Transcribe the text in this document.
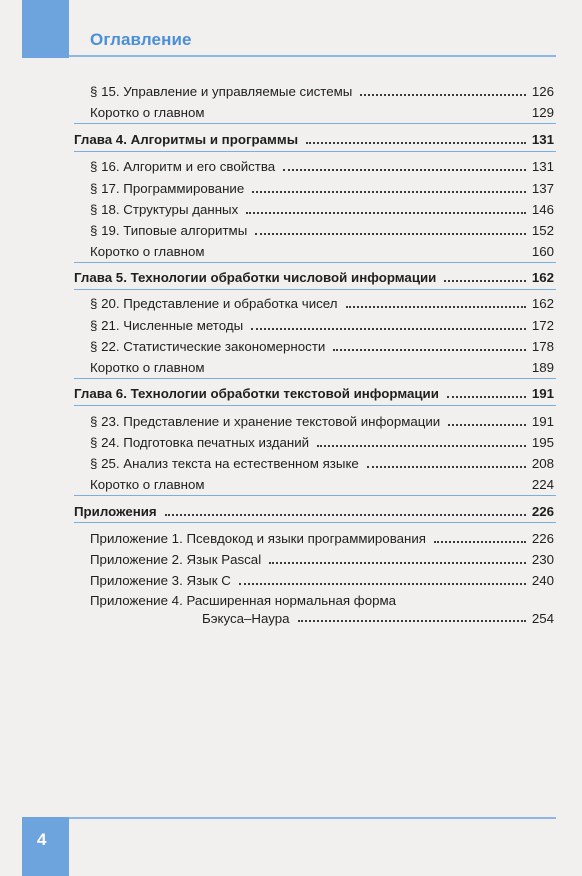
Оглавление
§ 15. Управление и управляемые системы	126
Коротко о главном	129
Глава 4. Алгоритмы и программы	131
§ 16. Алгоритм и его свойства	131
§ 17. Программирование	137
§ 18. Структуры данных	146
§ 19. Типовые алгоритмы	152
Коротко о главном	160
Глава 5. Технологии обработки числовой информации	162
§ 20. Представление и обработка чисел	162
§ 21. Численные методы	172
§ 22. Статистические закономерности	178
Коротко о главном	189
Глава 6. Технологии обработки текстовой информации	191
§ 23. Представление и хранение текстовой информации	191
§ 24. Подготовка печатных изданий	195
§ 25. Анализ текста на естественном языке	208
Коротко о главном	224
Приложения	226
Приложение 1. Псевдокод и языки программирования	226
Приложение 2. Язык Pascal	230
Приложение 3. Язык С	240
Приложение 4. Расширенная нормальная форма
Бэкуса–Наура	254
4
